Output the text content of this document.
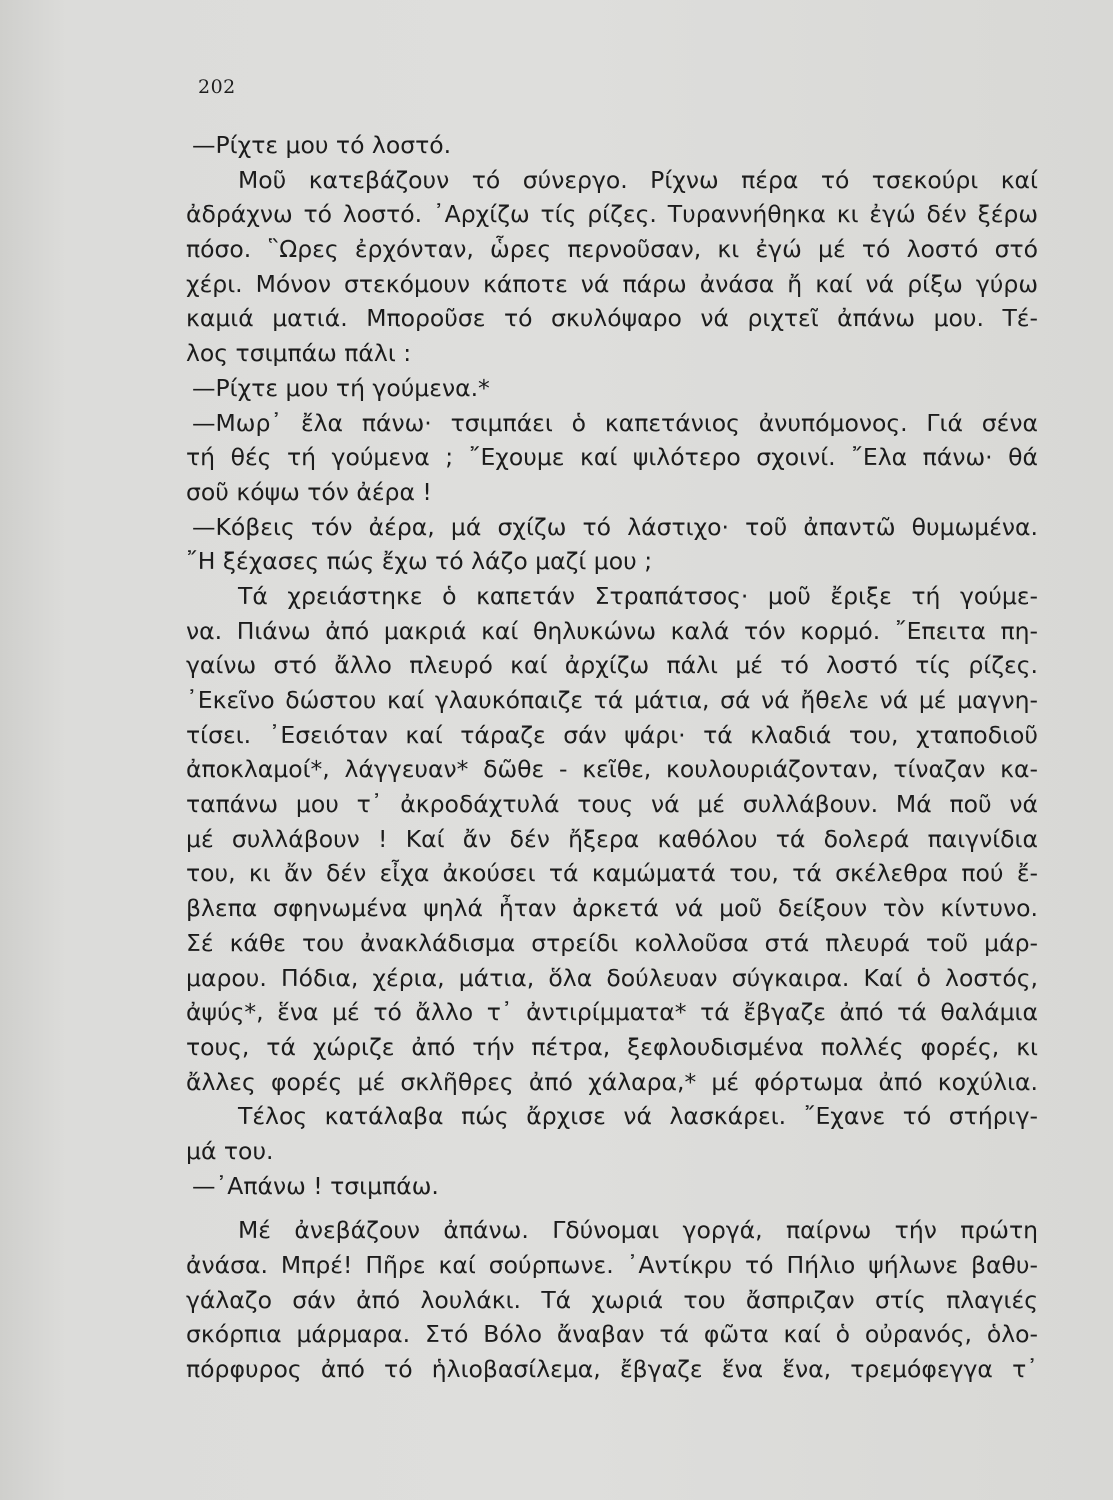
202
—Ρίχτε μου τό λοστό.
Μοῦ κατεβάζουν τό σύνεργο. Ρίχνω πέρα τό τσεκούρι καί
ἀδράχνω τό λοστό. ᾿Αρχίζω τίς ρίζες. Τυραννήθηκα κι ἐγώ δέν ξέρω
πόσο. ῝Ωρες ἐρχόνταν, ὧρες περνοῦσαν, κι ἐγώ μέ τό λοστό στό
χέρι. Μόνον στεκόμουν κάποτε νά πάρω ἀνάσα ἤ καί νά ρίξω γύρω
καμιά ματιά. Μποροῦσε τό σκυλόψαρο νά ριχτεῖ ἀπάνω μου. Τέ-
λος τσιμπάω πάλι :
—Ρίχτε μου τή γούμενα.*
—Μωρ᾽ ἔλα πάνω· τσιμπάει ὁ καπετάνιος ἀνυπόμονος. Γιά σένα
τή θές τή γούμενα ; ῎Εχουμε καί ψιλότερο σχοινί. ῎Ελα πάνω· θά
σοῦ κόψω τόν ἀέρα !
—Κόβεις τόν ἀέρα, μά σχίζω τό λάστιχο· τοῦ ἀπαντῶ θυμωμένα.
῎Η ξέχασες πώς ἔχω τό λάζο μαζί μου ;
Τά χρειάστηκε ὁ καπετάν Στραπάτσος· μοῦ ἔριξε τή γούμε-
να. Πιάνω ἀπό μακριά καί θηλυκώνω καλά τόν κορμό. ῎Επειτα πη-
γαίνω στό ἄλλο πλευρό καί ἀρχίζω πάλι μέ τό λοστό τίς ρίζες.
᾿Εκεῖνο δώστου καί γλαυκόπαιζε τά μάτια, σά νά ἤθελε νά μέ μαγνη-
τίσει. ᾿Εσειόταν καί τάραζε σάν ψάρι· τά κλαδιά του, χταποδιοῦ
ἀποκλαμοί*, λάγγευαν* δῶθε - κεῖθε, κουλουριάζονταν, τίναζαν κα-
ταπάνω μου τ᾽ ἀκροδάχτυλά τους νά μέ συλλάβουν. Μά ποῦ νά
μέ συλλάβουν ! Καί ἄν δέν ἤξερα καθόλου τά δολερά παιγνίδια
του, κι ἄν δέν εἶχα ἀκούσει τά καμώματά του, τά σκέλεθρα πού ἔ-
βλεπα σφηνωμένα ψηλά ἦταν ἀρκετά νά μοῦ δείξουν τὸν κίντυνο.
Σέ κάθε του ἀνακλάδισμα στρείδι κολλοῦσα στά πλευρά τοῦ μάρ-
μαρου. Πόδια, χέρια, μάτια, ὅλα δούλευαν σύγκαιρα. Καί ὁ λοστός,
ἀψύς*, ἕνα μέ τό ἄλλο τ᾽ ἀντιρίμματα* τά ἔβγαζε ἀπό τά θαλάμια
τους, τά χώριζε ἀπό τήν πέτρα, ξεφλουδισμένα πολλές φορές, κι
ἄλλες φορές μέ σκλῆθρες ἀπό χάλαρα,* μέ φόρτωμα ἀπό κοχύλια.
Τέλος κατάλαβα πώς ἄρχισε νά λασκάρει. ῎Εχανε τό στήριγ-
μά του.
—᾿Απάνω ! τσιμπάω.
Μέ ἀνεβάζουν ἀπάνω. Γδύνομαι γοργά, παίρνω τήν πρώτη
ἀνάσα. Μπρέ! Πῆρε καί σούρπωνε. ᾿Αντίκρυ τό Πήλιο ψήλωνε βαθυ-
γάλαζο σάν ἀπό λουλάκι. Τά χωριά του ἄσπριζαν στίς πλαγιές
σκόρπια μάρμαρα. Στό Βόλο ἄναβαν τά φῶτα καί ὁ οὐρανός, ὁλο-
πόρφυρος ἀπό τό ἡλιοβασίλεμα, ἔβγαζε ἕνα ἕνα, τρεμόφεγγα τ᾽
